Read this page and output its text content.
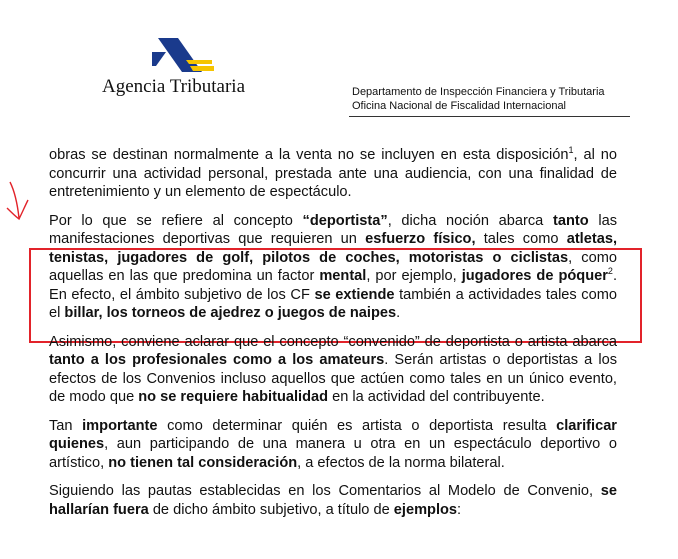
Agencia Tributaria	Departamento de Inspección Financiera y Tributaria
Oficina Nacional de Fiscalidad Internacional

obras se destinan normalmente a la venta no se incluyen en esta disposición$^1$, al no concurrir una actividad personal, prestada ante una audiencia, con una finalidad de entretenimiento y un elemento de espectáculo.

Por lo que se refiere al concepto “deportista”, dicha noción abarca tanto las manifestaciones deportivas que requieren un esfuerzo físico, tales como atletas, tenistas, jugadores de golf, pilotos de coches, motoristas o ciclistas, como aquellas en las que predomina un factor mental, por ejemplo, jugadores de póquer$^2$. En efecto, el ámbito subjetivo de los CF se extiende también a actividades tales como el billar, los torneos de ajedrez o juegos de naipes.

Asimismo, conviene aclarar que el concepto “convenido” de deportista o artista abarca tanto a los profesionales como a los amateurs. Serán artistas o deportistas a los efectos de los Convenios incluso aquellos que actúen como tales en un único evento, de modo que no se requiere habitualidad en la actividad del contribuyente.

Tan importante como determinar quién es artista o deportista resulta clarificar quienes, aun participando de una manera u otra en un espectáculo deportivo o artístico, no tienen tal consideración, a efectos de la norma bilateral.

Siguiendo las pautas establecidas en los Comentarios al Modelo de Convenio, se hallarían fuera de dicho ámbito subjetivo, a título de ejemplos:
